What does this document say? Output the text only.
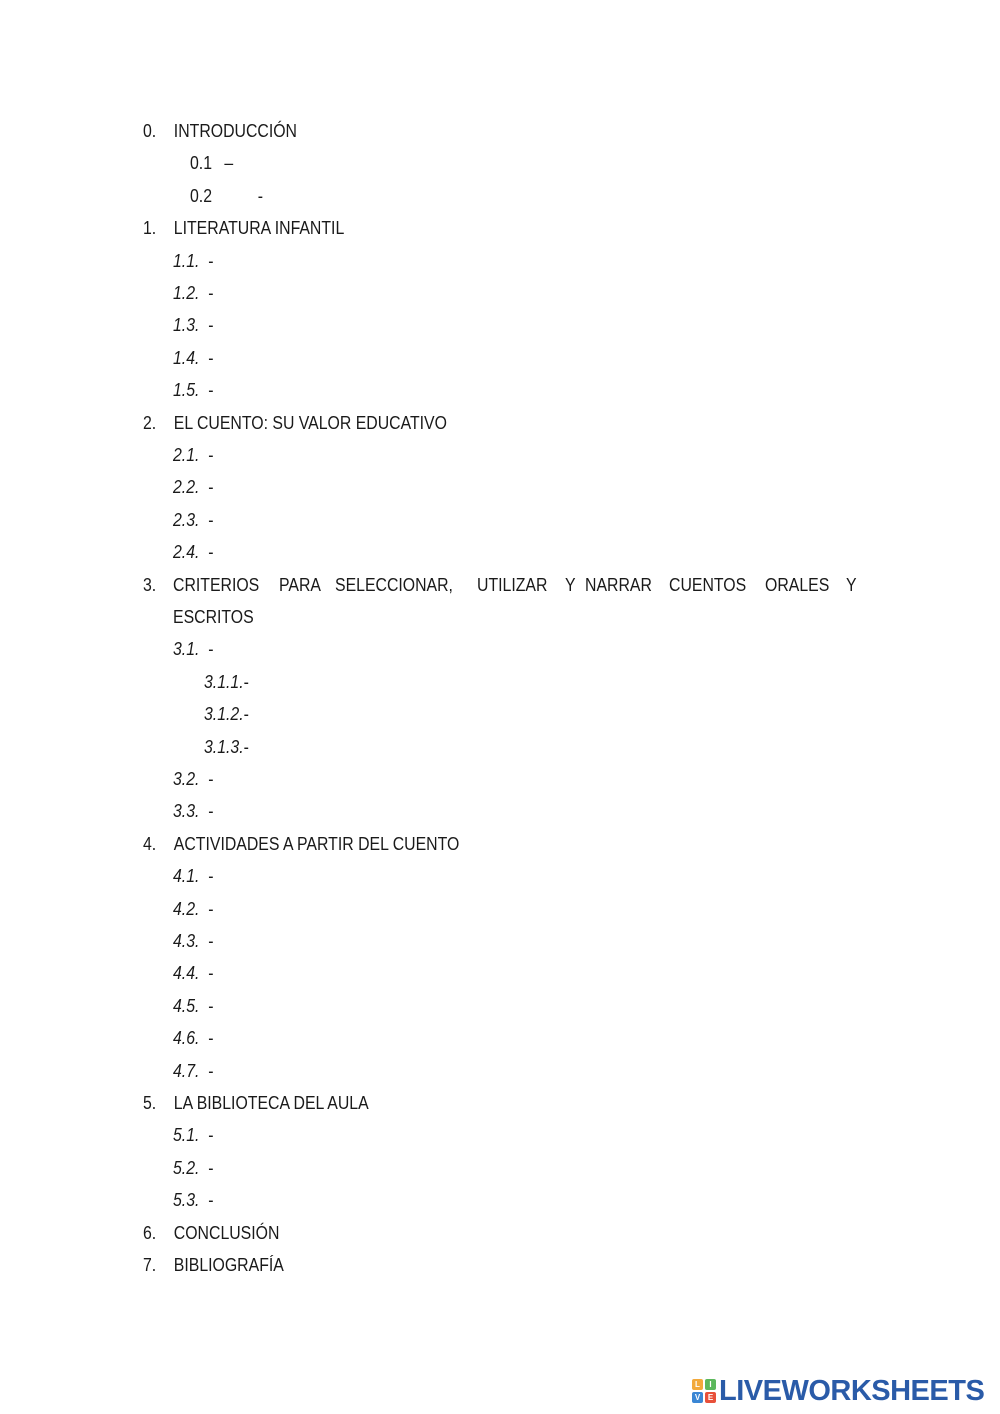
0. INTRODUCCIÓN
0.1 –
0.2	-
1. LITERATURA INFANTIL
1.1. -
1.2. -
1.3. -
1.4. -
1.5. -
2. EL CUENTO: SU VALOR EDUCATIVO
2.1. -
2.2. -
2.3. -
2.4. -
3. CRITERIOS PARA SELECCIONAR, UTILIZAR Y NARRAR CUENTOS ORALES Y
ESCRITOS
3.1. -
3.1.1.-
3.1.2.-
3.1.3.-
3.2. -
3.3. -
4. ACTIVIDADES A PARTIR DEL CUENTO
4.1. -
4.2. -
4.3. -
4.4. -
4.5. -
4.6. -
4.7. -
5. LA BIBLIOTECA DEL AULA
5.1. -
5.2. -
5.3. -
6. CONCLUSIÓN
7. BIBLIOGRAFÍA
L	I
V E LIVEWORKSHEETS
